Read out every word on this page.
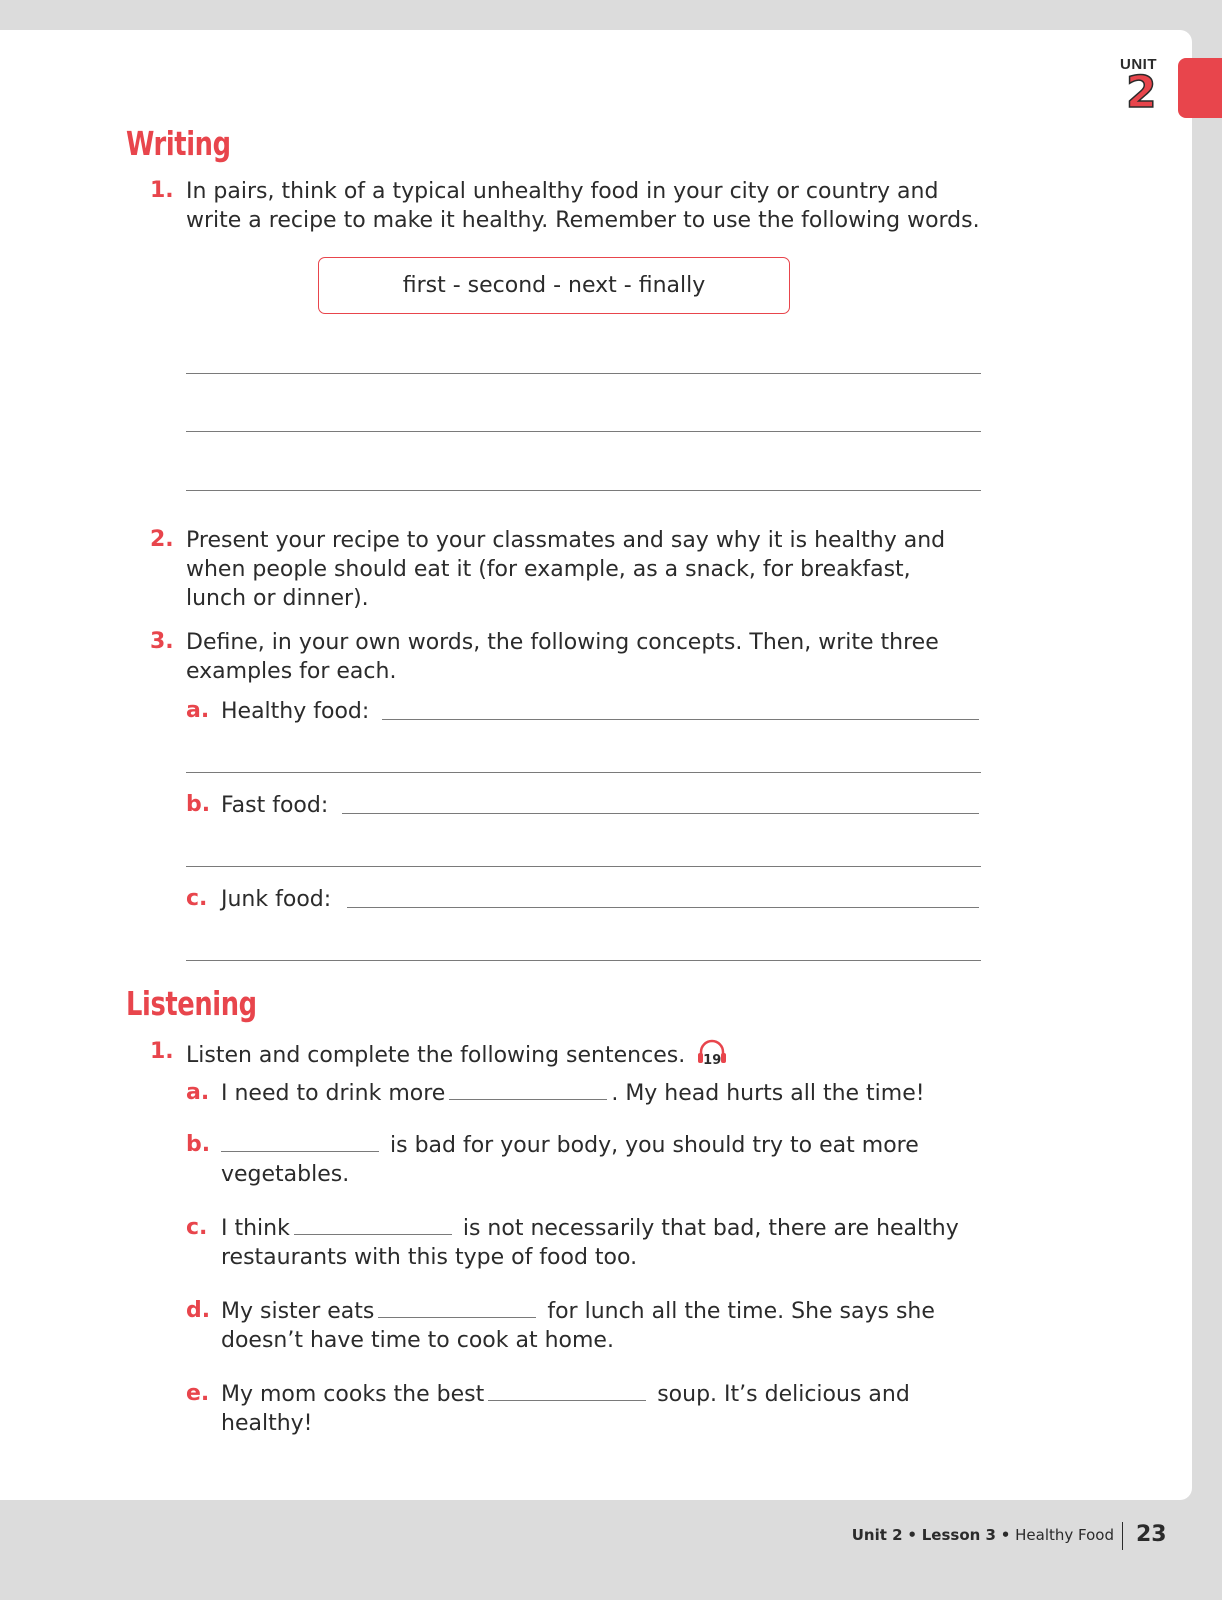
UNIT
2
Writing
1. In pairs, think of a typical unhealthy food in your city or country and
write a recipe to make it healthy. Remember to use the following words.
first - second - next - finally
2. Present your recipe to your classmates and say why it is healthy and
when people should eat it (for example, as a snack, for breakfast,
lunch or dinner).
3. Define, in your own words, the following concepts. Then, write three
examples for each.
a. Healthy food:
b. Fast food:
c. Junk food:
Listening
1. Listen and complete the following sentences.	19
a. I need to drink more	. My head hurts all the time!
b.	is bad for your body, you should try to eat more
vegetables.
c. I think	is not necessarily that bad, there are healthy
restaurants with this type of food too.
d. My sister eats	for lunch all the time. She says she
doesn’t have time to cook at home.
e. My mom cooks the best	soup. It’s delicious and
healthy!
Unit 2 • Lesson 3 • Healthy Food 23
